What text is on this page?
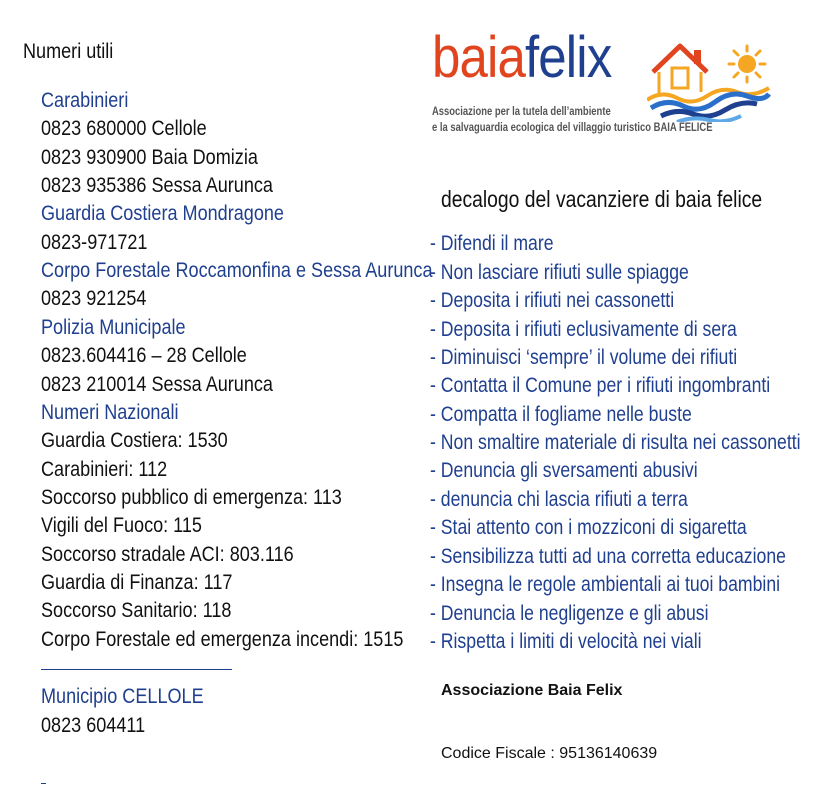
Numeri utili
Carabinieri
0823 680000 Cellole
0823 930900 Baia Domizia
0823 935386 Sessa Aurunca
Guardia Costiera Mondragone
0823-971721
Corpo Forestale Roccamonfina e Sessa Aurunca
0823 921254
Polizia Municipale
0823.604416 – 28 Cellole
0823 210014 Sessa Aurunca
Numeri Nazionali
Guardia Costiera: 1530
Carabinieri: 112
Soccorso pubblico di emergenza: 113
Vigili del Fuoco: 115
Soccorso stradale ACI: 803.116
Guardia di Finanza: 117
Soccorso Sanitario: 118
Corpo Forestale ed emergenza incendi: 1515
Municipio CELLOLE
0823 604411
baiafelix
Associazione per la tutela dell’ambiente
e la salvaguardia ecologica del villaggio turistico BAIA FELICE
decalogo del vacanziere di baia felice
- Difendi il mare
- Non lasciare rifiuti sulle spiagge
- Deposita i rifiuti nei cassonetti
- Deposita i rifiuti eclusivamente di sera
- Diminuisci ‘sempre’ il volume dei rifiuti
- Contatta il Comune per i rifiuti ingombranti
- Compatta il fogliame nelle buste
- Non smaltire materiale di risulta nei cassonetti
- Denuncia gli sversamenti abusivi
- denuncia chi lascia rifiuti a terra
- Stai attento con i mozziconi di sigaretta
- Sensibilizza tutti ad una corretta educazione
- Insegna le regole ambientali ai tuoi bambini
- Denuncia le negligenze e gli abusi
- Rispetta i limiti di velocità nei viali
Associazione Baia Felix
Codice Fiscale : 95136140639
